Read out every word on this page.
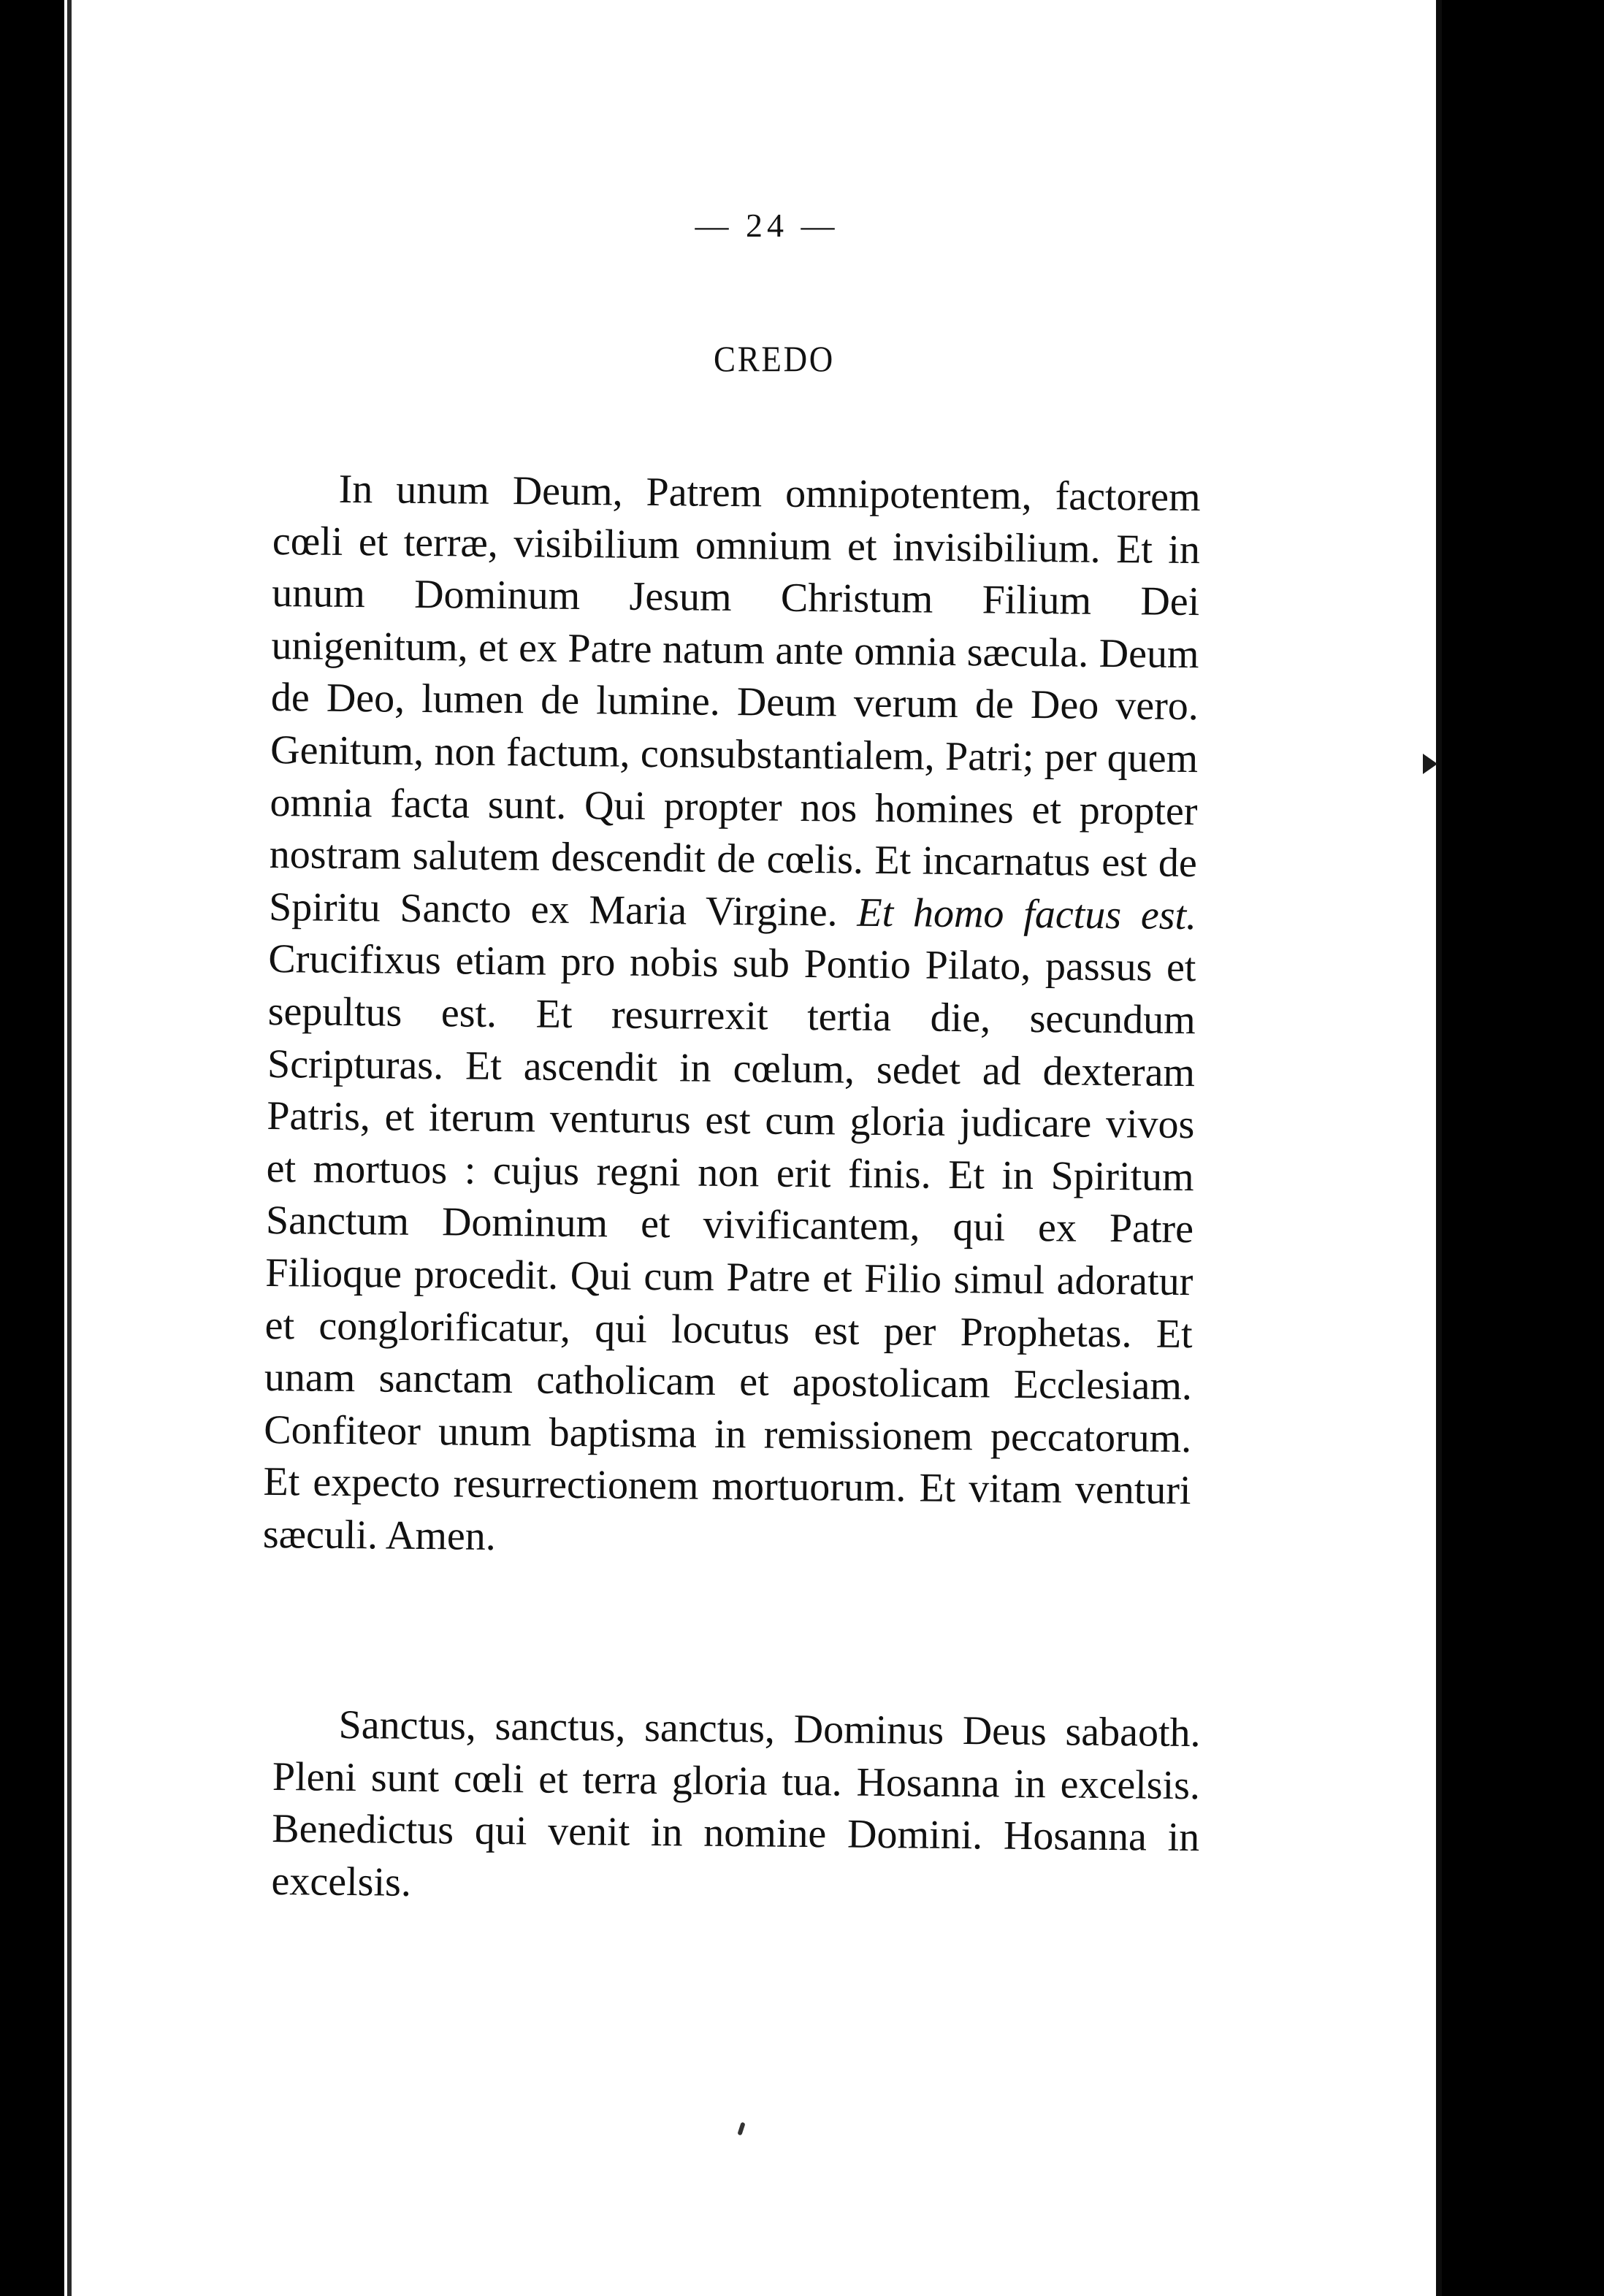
— 24 —
CREDO

In unum Deum, Patrem omnipotentem, factorem cœli et terræ, visibilium omnium et invisibilium. Et in unum Dominum Jesum Christum Filium Dei unigenitum, et ex Patre natum ante omnia sæcula. Deum de Deo, lumen de lumine. Deum verum de Deo vero. Genitum, non factum, consubstantialem, Patri; per quem omnia facta sunt. Qui propter nos homines et propter nostram salutem descendit de cœlis. Et incarnatus est de Spiritu Sancto ex Maria Virgine. Et homo factus est. Crucifixus etiam pro nobis sub Pontio Pilato, passus et sepultus est. Et resurrexit tertia die, secundum Scripturas. Et ascendit in cœlum, sedet ad dexteram Patris, et iterum venturus est cum gloria judicare vivos et mortuos : cujus regni non erit finis. Et in Spiritum Sanctum Dominum et vivificantem, qui ex Patre Filioque procedit. Qui cum Patre et Filio simul adoratur et conglorificatur, qui locutus est per Prophetas. Et unam sanctam catholicam et apostolicam Ecclesiam. Confiteor unum baptisma in remissionem peccatorum. Et expecto resurrectionem mortuorum. Et vitam venturi sæculi. Amen.

Sanctus, sanctus, sanctus, Dominus Deus sabaoth. Pleni sunt cœli et terra gloria tua. Hosanna in excelsis. Benedictus qui venit in nomine Domini. Hosanna in excelsis.
